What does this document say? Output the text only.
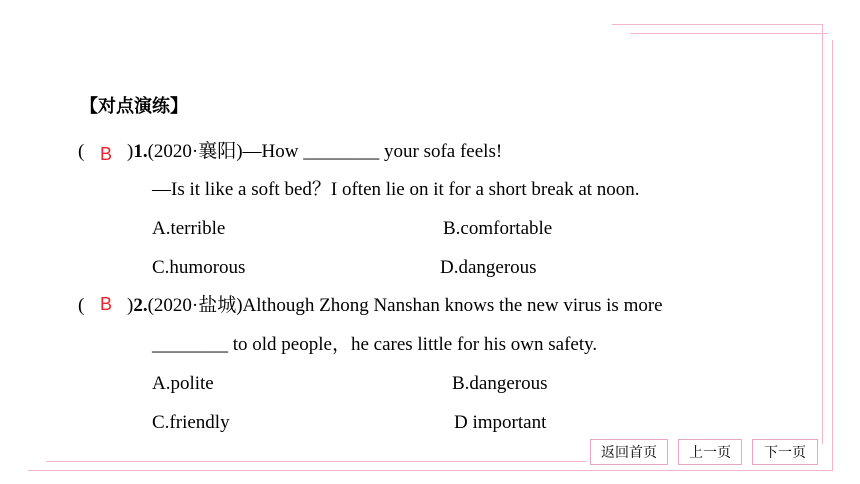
【对点演练】
( B )1.(2020·襄阳)—How ________ your sofa feels!
—Is it like a soft bed？I often lie on it for a short break at noon.
A.terrible	B.comfortable
C.humorous	D.dangerous
( B )2.(2020·盐城)Although Zhong Nanshan knows the new virus is more
________ to old people，he cares little for his own safety.
A.polite	B.dangerous
C.friendly	D important
返回首页	上一页	下一页
